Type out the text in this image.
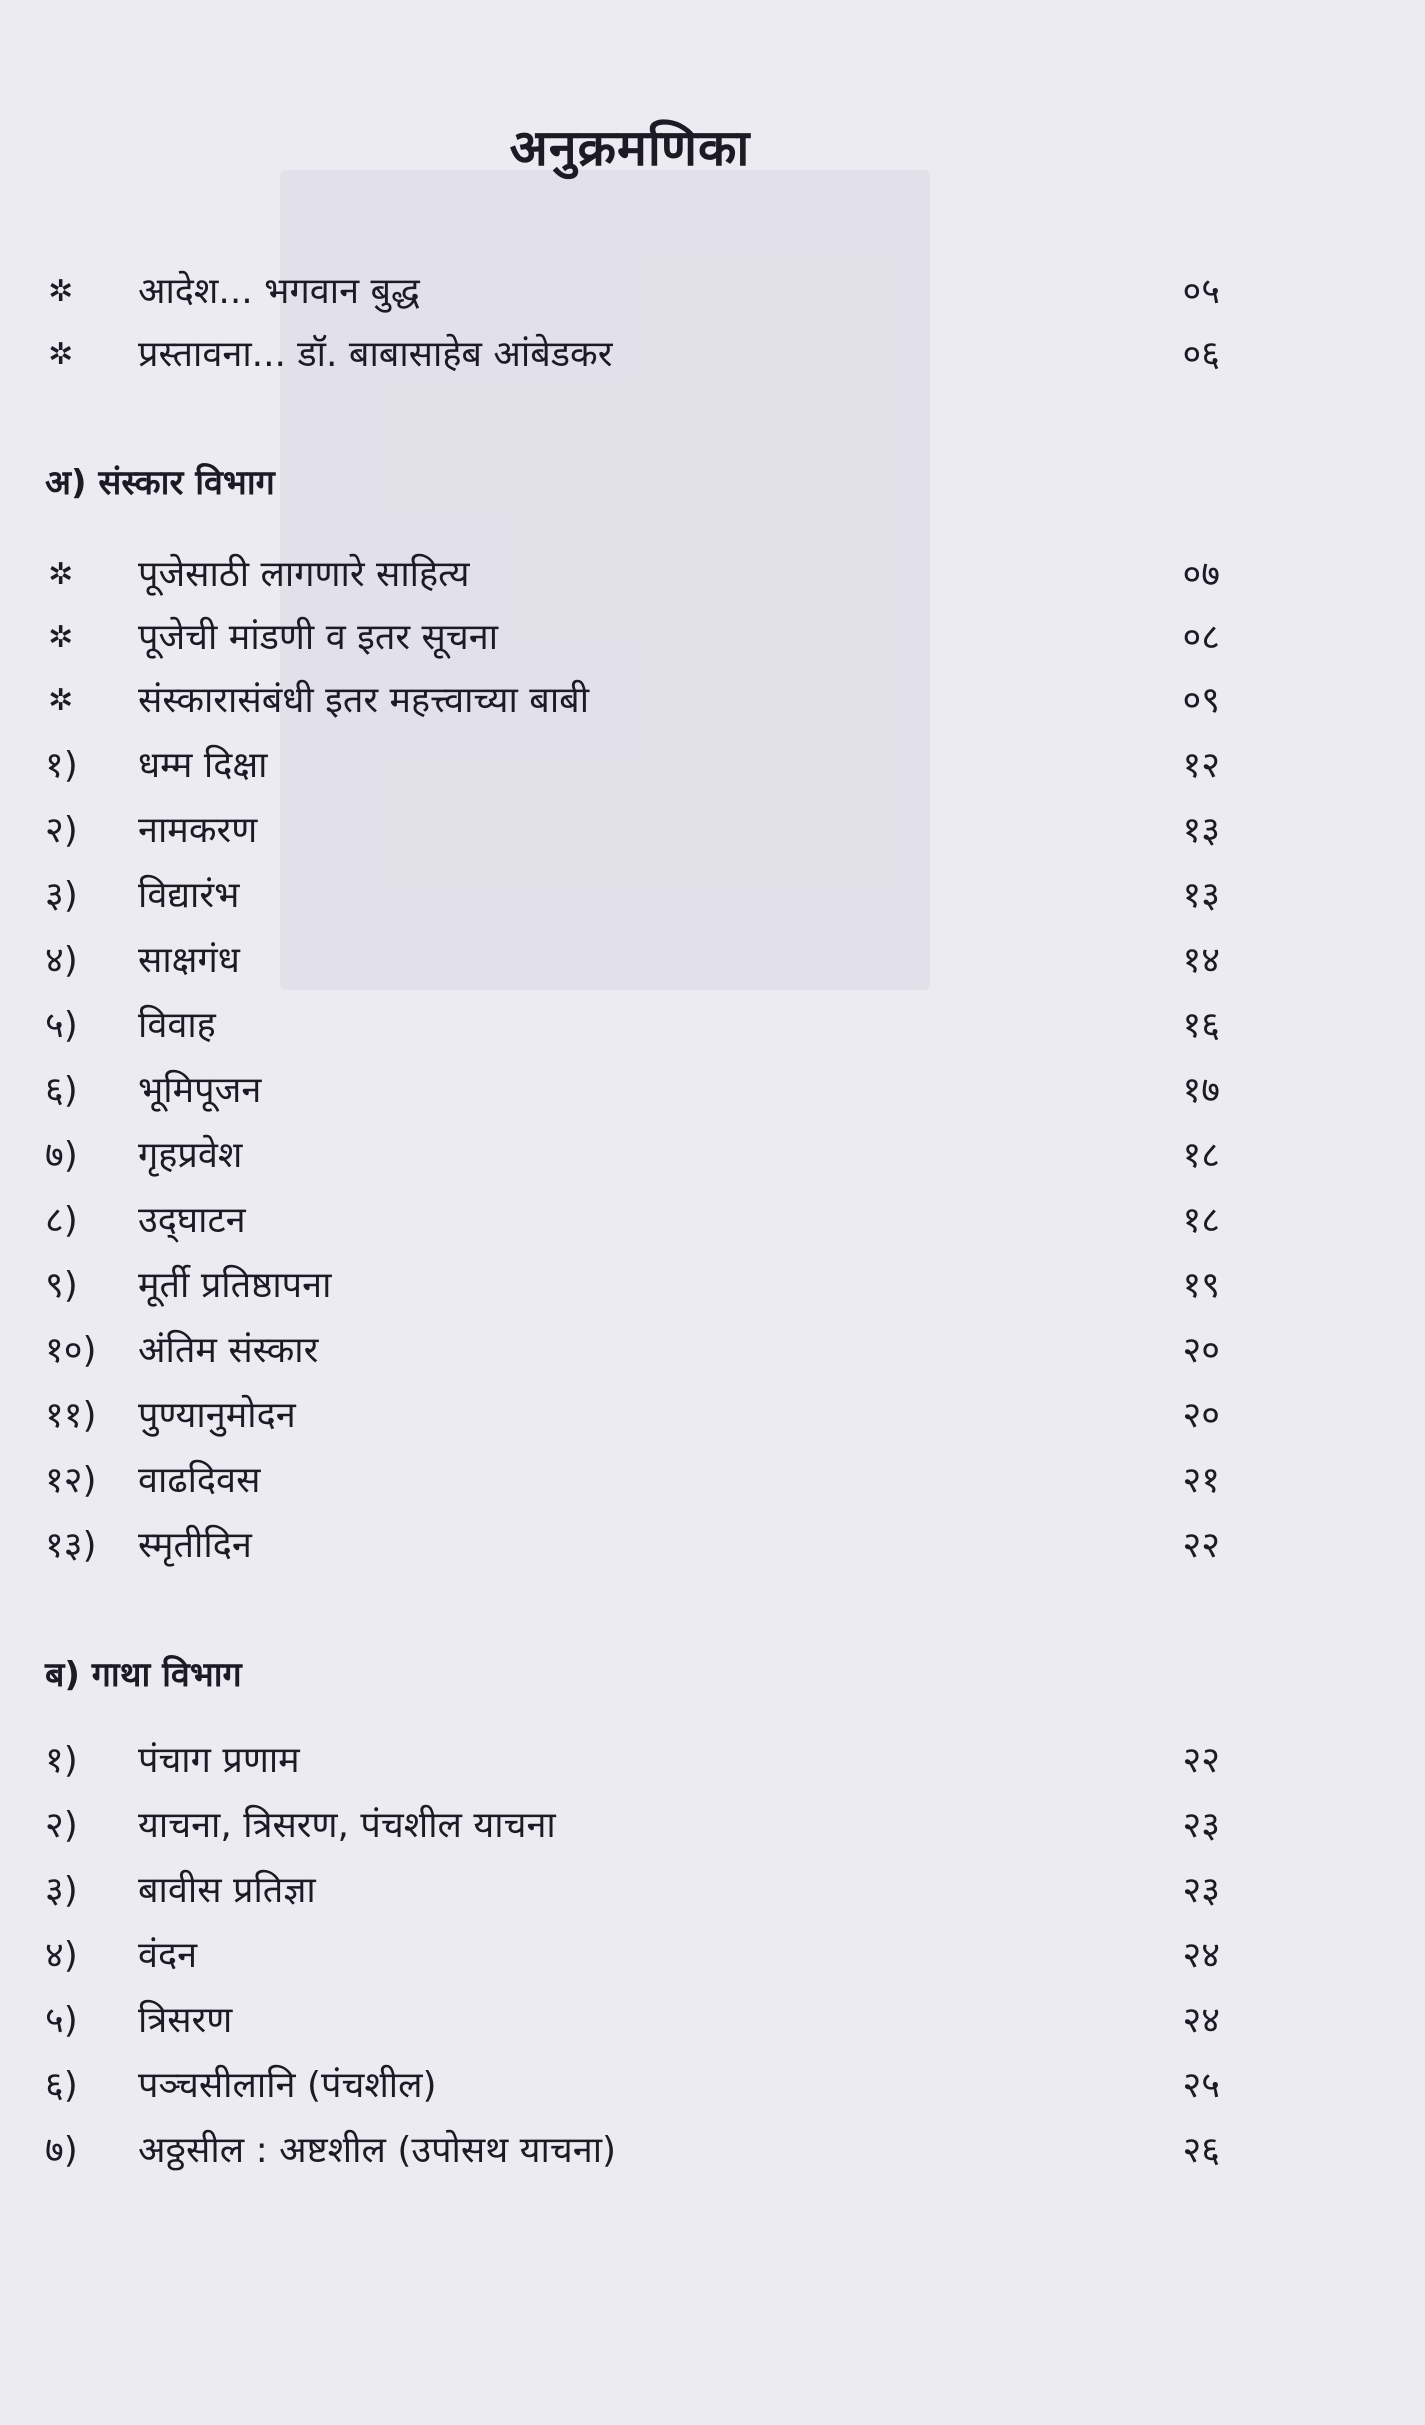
अनुक्रमणिका
✲	आदेश... भगवान बुद्ध	०५
✲	प्रस्तावना... डॉ. बाबासाहेब आंबेडकर	०६
अ) संस्कार विभाग
✲	पूजेसाठी लागणारे साहित्य	०७
✲	पूजेची मांडणी व इतर सूचना	०८
✲	संस्कारासंबंधी इतर महत्त्वाच्या बाबी	०९
१)	धम्म दिक्षा	१२
२)	नामकरण	१३
३)	विद्यारंभ	१३
४)	साक्षगंध	१४
५)	विवाह	१६
६)	भूमिपूजन	१७
७)	गृहप्रवेश	१८
८)	उद्‌घाटन	१८
९)	मूर्ती प्रतिष्ठापना	१९
१०)	अंतिम संस्कार	२०
११)	पुण्यानुमोदन	२०
१२)	वाढदिवस	२१
१३)	स्मृतीदिन	२२
ब) गाथा विभाग
१)	पंचाग प्रणाम	२२
२)	याचना, त्रिसरण, पंचशील याचना	२३
३)	बावीस प्रतिज्ञा	२३
४)	वंदन	२४
५)	त्रिसरण	२४
६)	पञ्चसीलानि (पंचशील)	२५
७)	अठ्ठसील : अष्टशील (उपोसथ याचना)	२६
